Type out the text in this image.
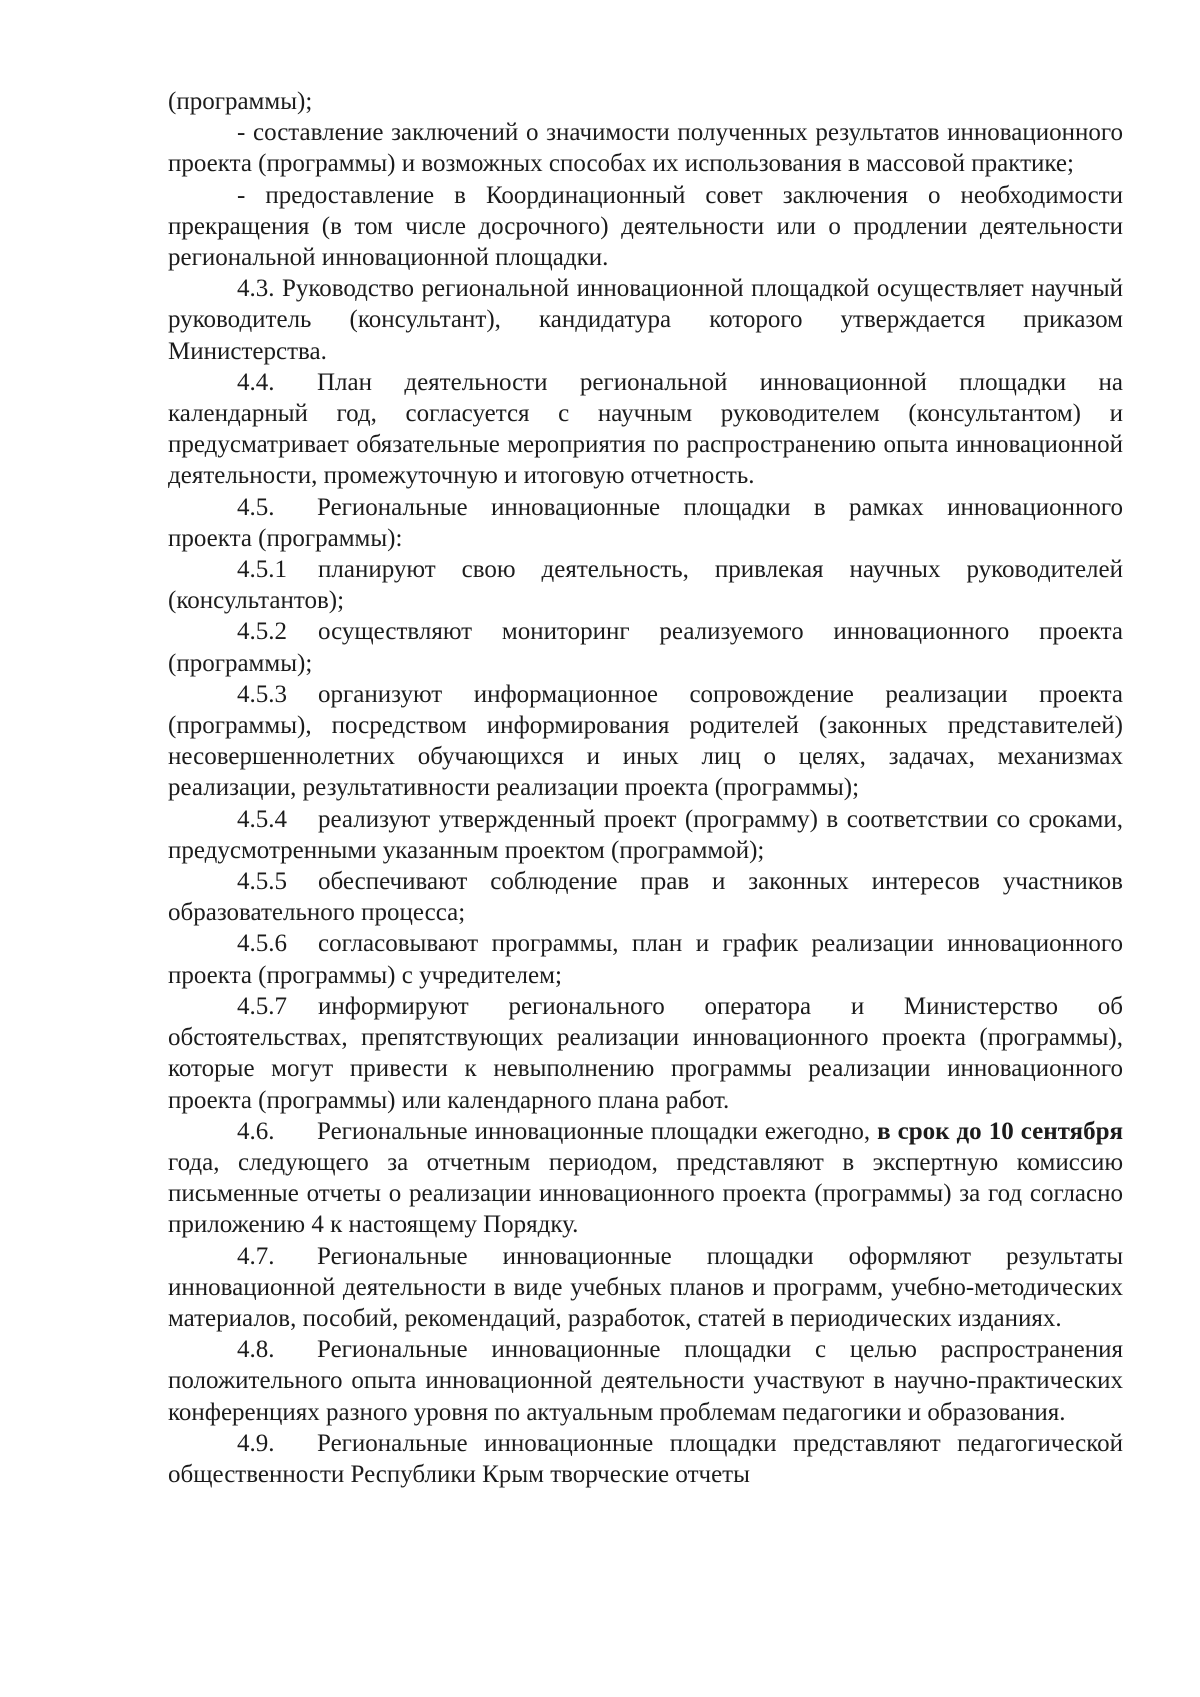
(программы);

- составление заключений о значимости полученных результатов инновационного проекта (программы) и возможных способах их использования в массовой практике;

- предоставление в Координационный совет заключения о необходимости прекращения (в том числе досрочного) деятельности или о продлении деятельности региональной инновационной площадки.

4.3. Руководство региональной инновационной площадкой осуществляет научный руководитель (консультант), кандидатура которого утверждается приказом Министерства.

4.4. План деятельности региональной инновационной площадки на календарный год, согласуется с научным руководителем (консультантом) и предусматривает обязательные мероприятия по распространению опыта инновационной деятельности, промежуточную и итоговую отчетность.

4.5. Региональные инновационные площадки в рамках инновационного проекта (программы):

4.5.1 планируют свою деятельность, привлекая научных руководителей (консультантов);

4.5.2 осуществляют мониторинг реализуемого инновационного проекта (программы);

4.5.3 организуют информационное сопровождение реализации проекта (программы), посредством информирования родителей (законных представителей) несовершеннолетних обучающихся и иных лиц о целях, задачах, механизмах реализации, результативности реализации проекта (программы);

4.5.4 реализуют утвержденный проект (программу) в соответствии со сроками, предусмотренными указанным проектом (программой);

4.5.5 обеспечивают соблюдение прав и законных интересов участников образовательного процесса;

4.5.6 согласовывают программы, план и график реализации инновационного проекта (программы) с учредителем;

4.5.7 информируют регионального оператора и Министерство об обстоятельствах, препятствующих реализации инновационного проекта (программы), которые могут привести к невыполнению программы реализации инновационного проекта (программы) или календарного плана работ.

4.6. Региональные инновационные площадки ежегодно, в срок до 10 сентября года, следующего за отчетным периодом, представляют в экспертную комиссию письменные отчеты о реализации инновационного проекта (программы) за год согласно приложению 4 к настоящему Порядку.

4.7. Региональные инновационные площадки оформляют результаты инновационной деятельности в виде учебных планов и программ, учебно-методических материалов, пособий, рекомендаций, разработок, статей в периодических изданиях.

4.8. Региональные инновационные площадки с целью распространения положительного опыта инновационной деятельности участвуют в научно-практических конференциях разного уровня по актуальным проблемам педагогики и образования.

4.9. Региональные инновационные площадки представляют педагогической общественности Республики Крым творческие отчеты
